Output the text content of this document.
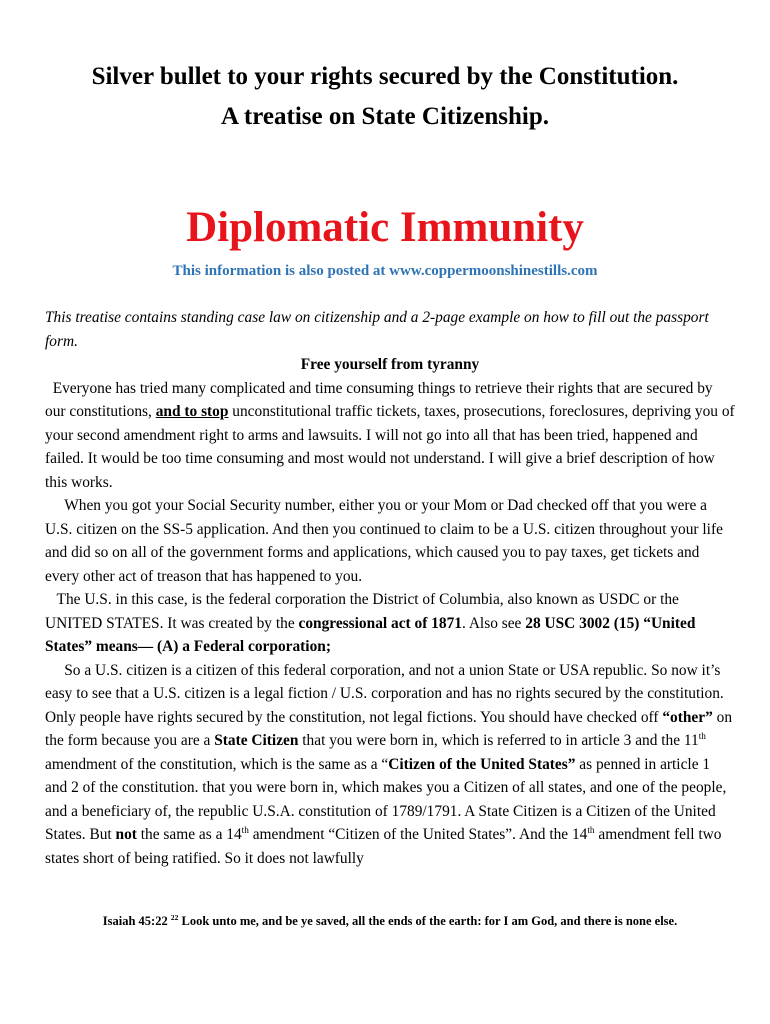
Silver bullet to your rights secured by the Constitution.
A treatise on State Citizenship.
Diplomatic Immunity
This information is also posted at www.coppermoonshinestills.com

This treatise contains standing case law on citizenship and a 2-page example on how to fill out the passport form.

Free yourself from tyranny

Everyone has tried many complicated and time consuming things to retrieve their rights that are secured by our constitutions, and to stop unconstitutional traffic tickets, taxes, prosecutions, foreclosures, depriving you of your second amendment right to arms and lawsuits. I will not go into all that has been tried, happened and failed. It would be too time consuming and most would not understand. I will give a brief description of how this works.

When you got your Social Security number, either you or your Mom or Dad checked off that you were a U.S. citizen on the SS-5 application. And then you continued to claim to be a U.S. citizen throughout your life and did so on all of the government forms and applications, which caused you to pay taxes, get tickets and every other act of treason that has happened to you.

The U.S. in this case, is the federal corporation the District of Columbia, also known as USDC or the UNITED STATES. It was created by the congressional act of 1871. Also see 28 USC 3002 (15) “United States” means— (A) a Federal corporation;

So a U.S. citizen is a citizen of this federal corporation, and not a union State or USA republic. So now it’s easy to see that a U.S. citizen is a legal fiction / U.S. corporation and has no rights secured by the constitution. Only people have rights secured by the constitution, not legal fictions. You should have checked off “other” on the form because you are a State Citizen that you were born in, which is referred to in article 3 and the 11th amendment of the constitution, which is the same as a “Citizen of the United States” as penned in article 1 and 2 of the constitution. that you were born in, which makes you a Citizen of all states, and one of the people, and a beneficiary of, the republic U.S.A. constitution of 1789/1791. A State Citizen is a Citizen of the United States. But not the same as a 14th amendment “Citizen of the United States”. And the 14th amendment fell two states short of being ratified. So it does not lawfully

Isaiah 45:22 $^{22}$ Look unto me, and be ye saved, all the ends of the earth: for I am God, and there is none else.
